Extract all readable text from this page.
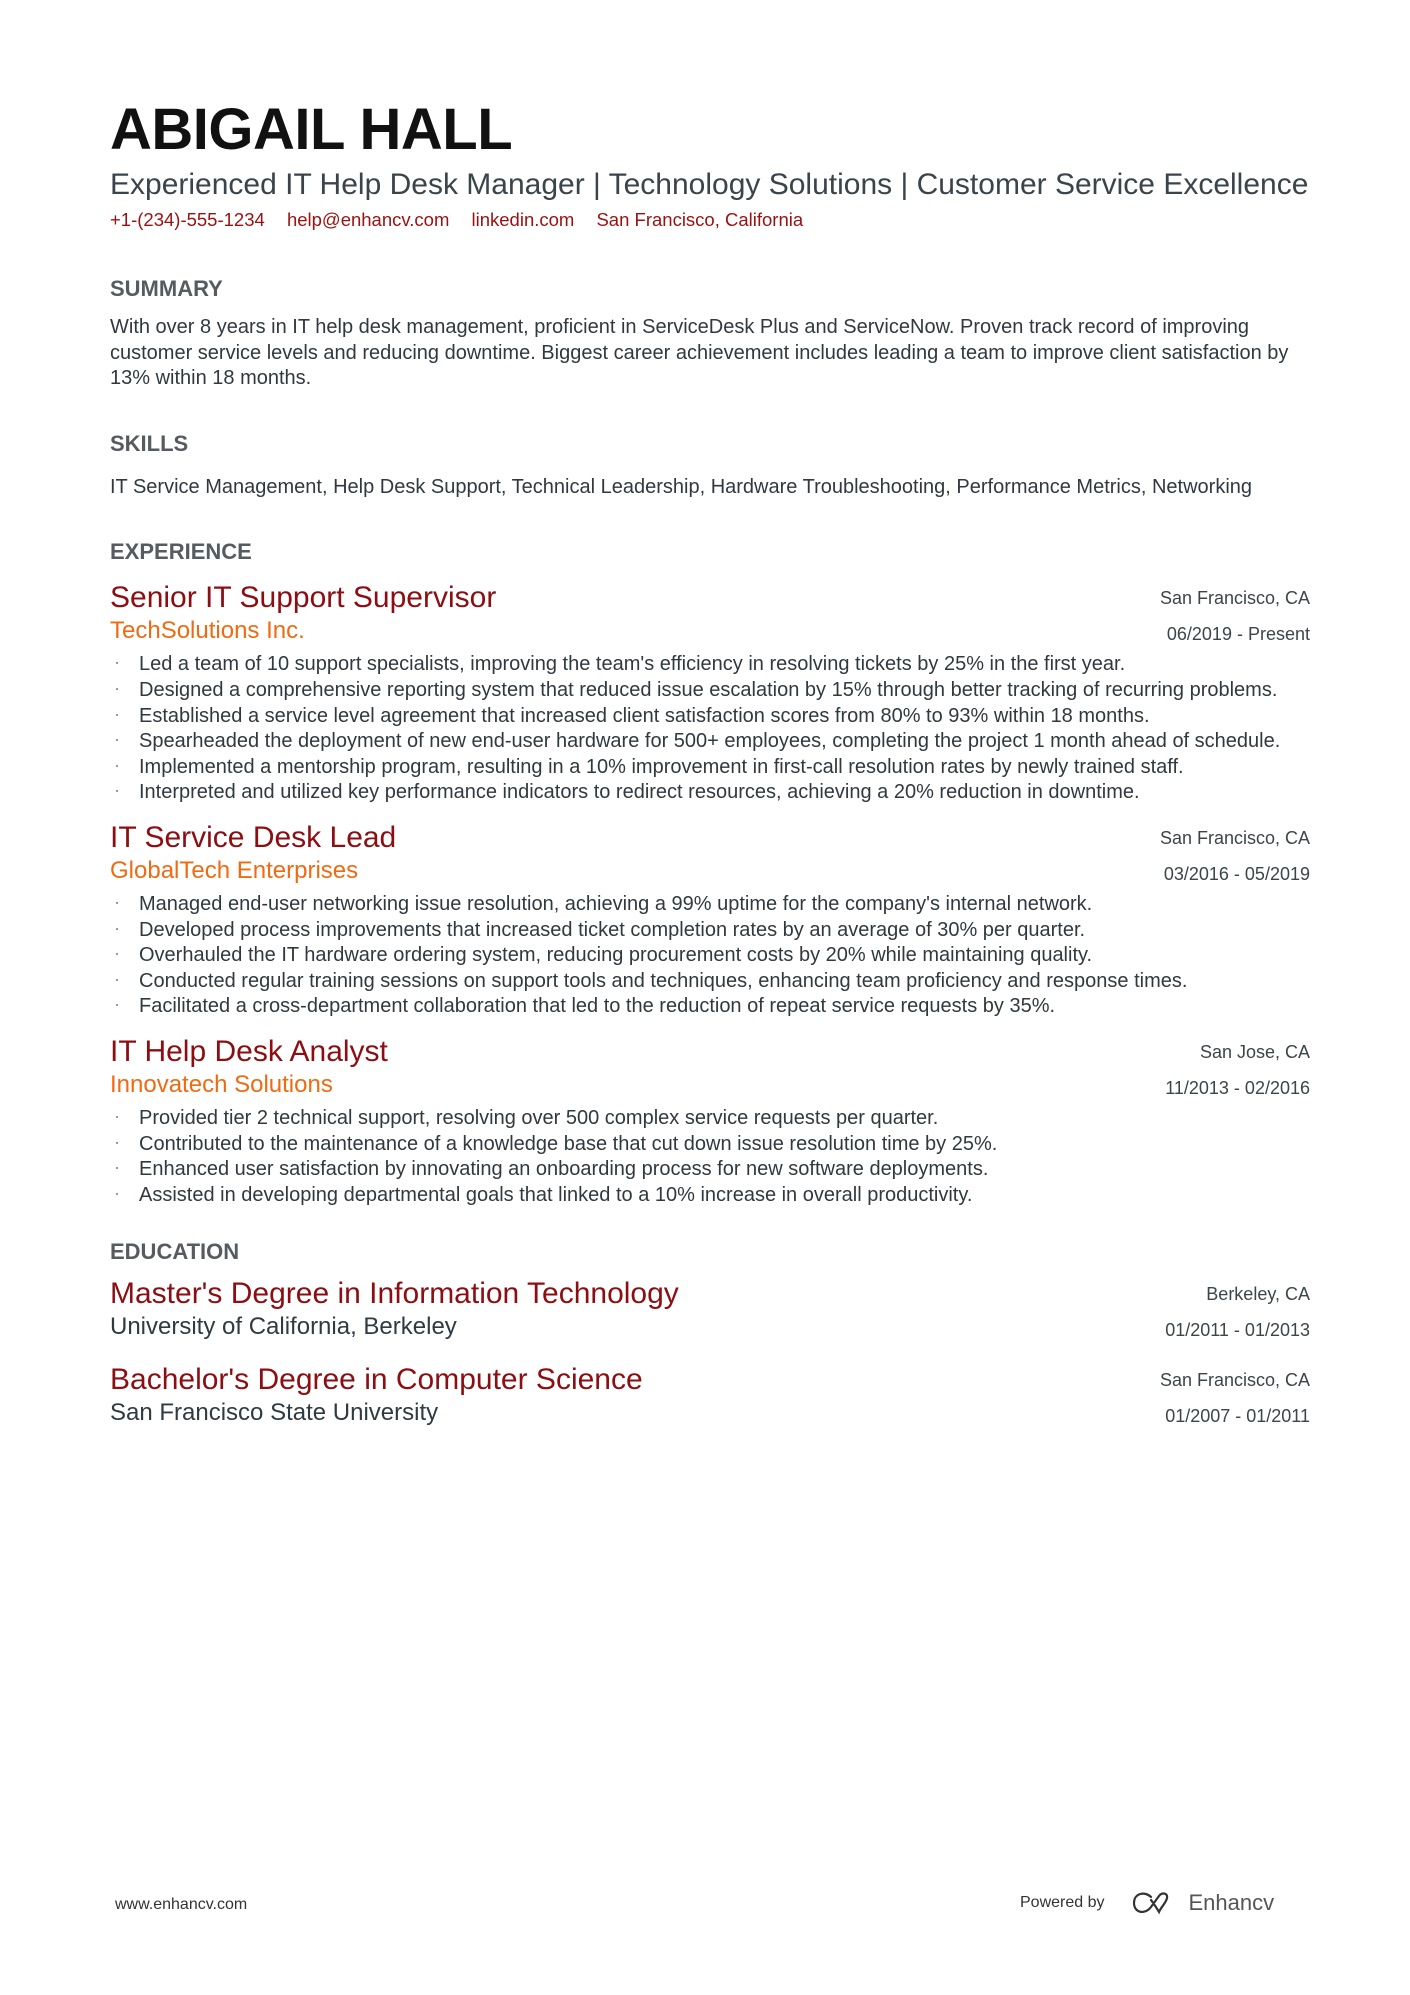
ABIGAIL HALL
Experienced IT Help Desk Manager | Technology Solutions | Customer Service Excellence
+1-(234)-555-1234 help@enhancv.com linkedin.com San Francisco, California
SUMMARY
With over 8 years in IT help desk management, proficient in ServiceDesk Plus and ServiceNow. Proven track record of improving customer service levels and reducing downtime. Biggest career achievement includes leading a team to improve client satisfaction by 13% within 18 months.
SKILLS
IT Service Management, Help Desk Support, Technical Leadership, Hardware Troubleshooting, Performance Metrics, Networking
EXPERIENCE
Senior IT Support Supervisor
TechSolutions Inc.
San Francisco, CA
06/2019 - Present
· Led a team of 10 support specialists, improving the team's efficiency in resolving tickets by 25% in the first year.
· Designed a comprehensive reporting system that reduced issue escalation by 15% through better tracking of recurring problems.
· Established a service level agreement that increased client satisfaction scores from 80% to 93% within 18 months.
· Spearheaded the deployment of new end-user hardware for 500+ employees, completing the project 1 month ahead of schedule.
· Implemented a mentorship program, resulting in a 10% improvement in first-call resolution rates by newly trained staff.
· Interpreted and utilized key performance indicators to redirect resources, achieving a 20% reduction in downtime.
IT Service Desk Lead
GlobalTech Enterprises
San Francisco, CA
03/2016 - 05/2019
· Managed end-user networking issue resolution, achieving a 99% uptime for the company's internal network.
· Developed process improvements that increased ticket completion rates by an average of 30% per quarter.
· Overhauled the IT hardware ordering system, reducing procurement costs by 20% while maintaining quality.
· Conducted regular training sessions on support tools and techniques, enhancing team proficiency and response times.
· Facilitated a cross-department collaboration that led to the reduction of repeat service requests by 35%.
IT Help Desk Analyst
Innovatech Solutions
San Jose, CA
11/2013 - 02/2016
· Provided tier 2 technical support, resolving over 500 complex service requests per quarter.
· Contributed to the maintenance of a knowledge base that cut down issue resolution time by 25%.
· Enhanced user satisfaction by innovating an onboarding process for new software deployments.
· Assisted in developing departmental goals that linked to a 10% increase in overall productivity.
EDUCATION
Master's Degree in Information Technology
University of California, Berkeley
Berkeley, CA
01/2011 - 01/2013
Bachelor's Degree in Computer Science
San Francisco State University
San Francisco, CA
01/2007 - 01/2011
www.enhancv.com	Powered by	Enhancv
